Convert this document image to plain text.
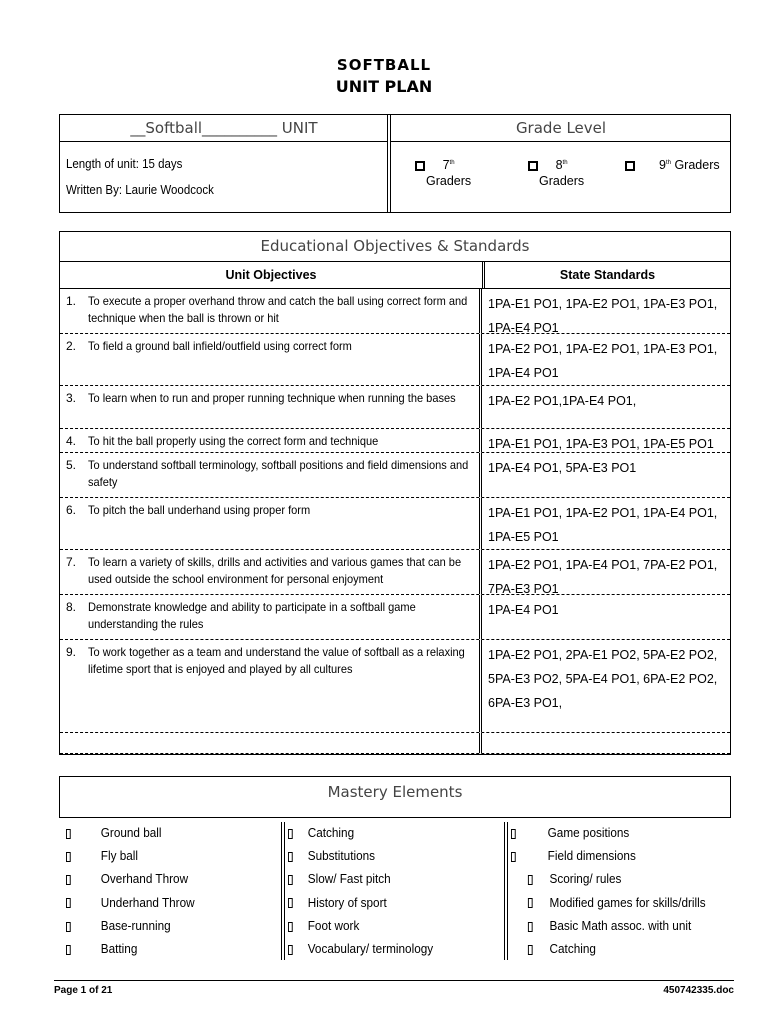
SOFTBALL
UNIT PLAN
__Softball__________ UNIT	Grade Level
Length of unit: 15 days
Written By: Laurie Woodcock
7th
Graders
8th
Graders
9th Graders
Educational Objectives & Standards
Unit Objectives	State Standards
1. To execute a proper overhand throw and catch the ball using correct form and technique when the ball is thrown or hit
1PA-E1 PO1, 1PA-E2 PO1, 1PA-E3 PO1, 1PA-E4 PO1
2. To field a ground ball infield/outfield using correct form	1PA-E2 PO1, 1PA-E2 PO1, 1PA-E3 PO1, 1PA-E4 PO1
3. To learn when to run and proper running technique when running the bases	1PA-E2 PO1,1PA-E4 PO1,
4. To hit the ball properly using the correct form and technique	1PA-E1 PO1, 1PA-E3 PO1, 1PA-E5 PO1
5. To understand softball terminology, softball positions and field dimensions and safety
1PA-E4 PO1, 5PA-E3 PO1
6. To pitch the ball underhand using proper form	1PA-E1 PO1, 1PA-E2 PO1, 1PA-E4 PO1, 1PA-E5 PO1
7. To learn a variety of skills, drills and activities and various games that can be used outside the school environment for personal enjoyment
1PA-E2 PO1, 1PA-E4 PO1, 7PA-E2 PO1, 7PA-E3 PO1
8. Demonstrate knowledge and ability to participate in a softball game understanding the rules
1PA-E4 PO1
9. To work together as a team and understand the value of softball as a relaxing lifetime sport that is enjoyed and played by all cultures
1PA-E2 PO1, 2PA-E1 PO2, 5PA-E2 PO2, 5PA-E3 PO2, 5PA-E4 PO1, 6PA-E2 PO2, 6PA-E3 PO1,
Mastery Elements
Ground ball
Fly ball
Overhand Throw
Underhand Throw
Base-running
Batting
Catching
Substitutions
Slow/ Fast pitch
History of sport
Foot work
Vocabulary/ terminology
Game positions
Field dimensions
Scoring/ rules
Modified games for skills/drills
Basic Math assoc. with unit
Catching
Page 1 of 21	450742335.doc
